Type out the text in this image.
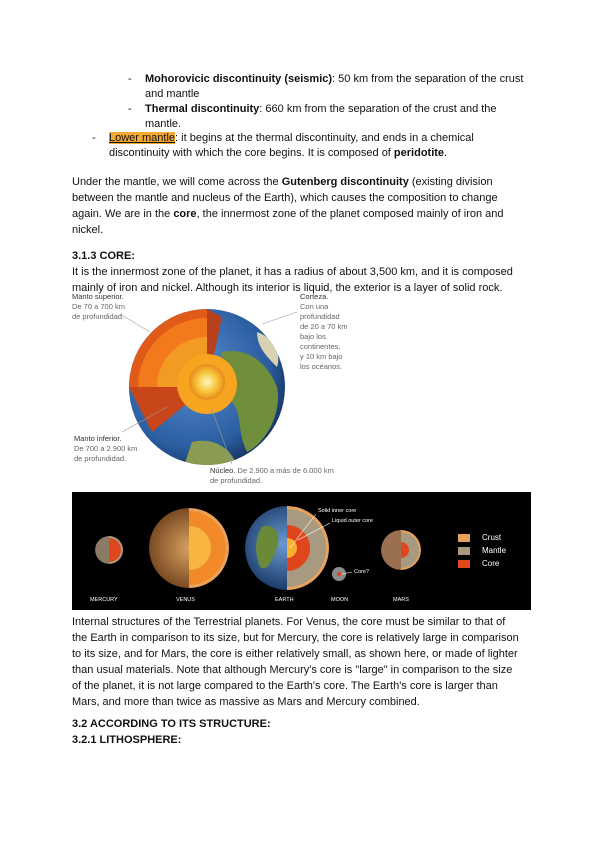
- Mohorovicic discontinuity (seismic): 50 km from the separation of the crust
and mantle
- Thermal discontinuity: 660 km from the separation of the crust and the
mantle.
- Lower mantle: it begins at the thermal discontinuity, and ends in a chemical
discontinuity with which the core begins. It is composed of peridotite.
Under the mantle, we will come across the Gutenberg discontinuity (existing division
between the mantle and nucleus of the Earth), which causes the composition to change
again. We are in the core, the innermost zone of the planet composed mainly of iron and
nickel.
3.1.3 CORE:
It is the innermost zone of the planet, it has a radius of about 3,500 km, and it is composed
mainly of iron and nickel. Although its interior is liquid, the exterior is a layer of solid rock.
Manto superior.
De 70 a 700 km
de profundidad.
Corteza.
Con una
profundidad
de 20 a 70 km
bajo los
continentes,
y 10 km bajo
los océanos.
Manto inferior.
De 700 a 2.900 km
de profundidad.
Núcleo. De 2.900 a más de 6.000 km
de profundidad.
MERCURY	VENUS	EARTH	MOON	MARS
Solid inner core
Liquid outer core
Core?
Crust
Mantle
Core
Internal structures of the Terrestrial planets. For Venus, the core must be similar to that of
the Earth in comparison to its size, but for Mercury, the core is relatively large in comparison
to its size, and for Mars, the core is either relatively small, as shown here, or made of lighter
than usual materials. Note that although Mercury's core is "large" in comparison to the size
of the planet, it is not large compared to the Earth's core. The Earth's core is larger than
Mars, and more than twice as massive as Mars and Mercury combined.
3.2 ACCORDING TO ITS STRUCTURE:
3.2.1 LITHOSPHERE:
